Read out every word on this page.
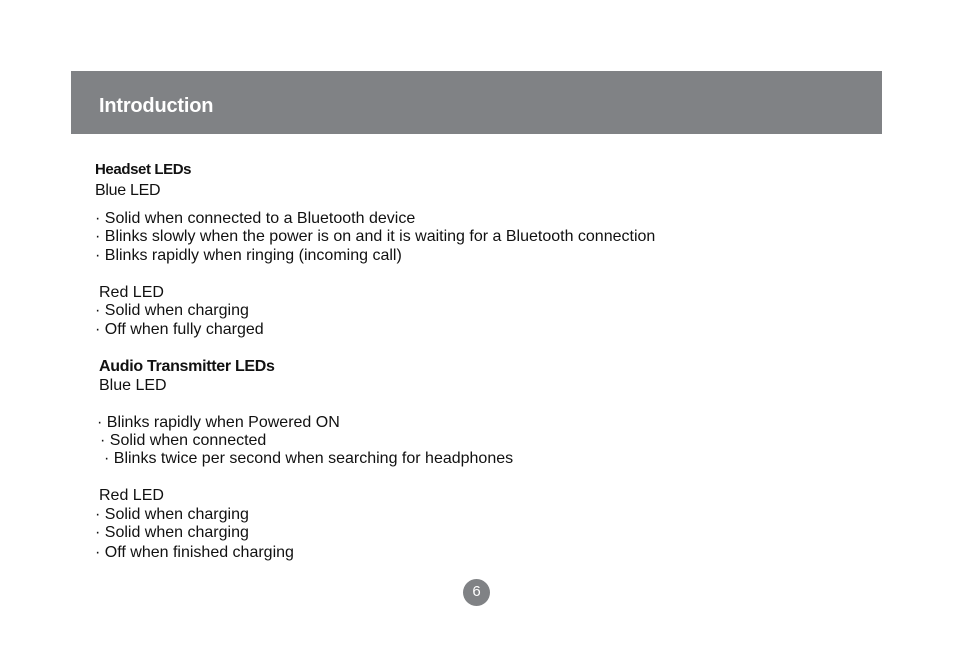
Introduction
Headset LEDs
Blue LED
· Solid when connected to a Bluetooth device
· Blinks slowly when the power is on and it is waiting for a Bluetooth connection
· Blinks rapidly when ringing (incoming call)
Red LED
· Solid when charging
· Off when fully charged
Audio Transmitter LEDs
Blue LED
· Blinks rapidly when Powered ON
· Solid when connected
· Blinks twice per second when searching for headphones
Red LED
· Solid when charging
· Solid when charging
· Off when finished charging
6
